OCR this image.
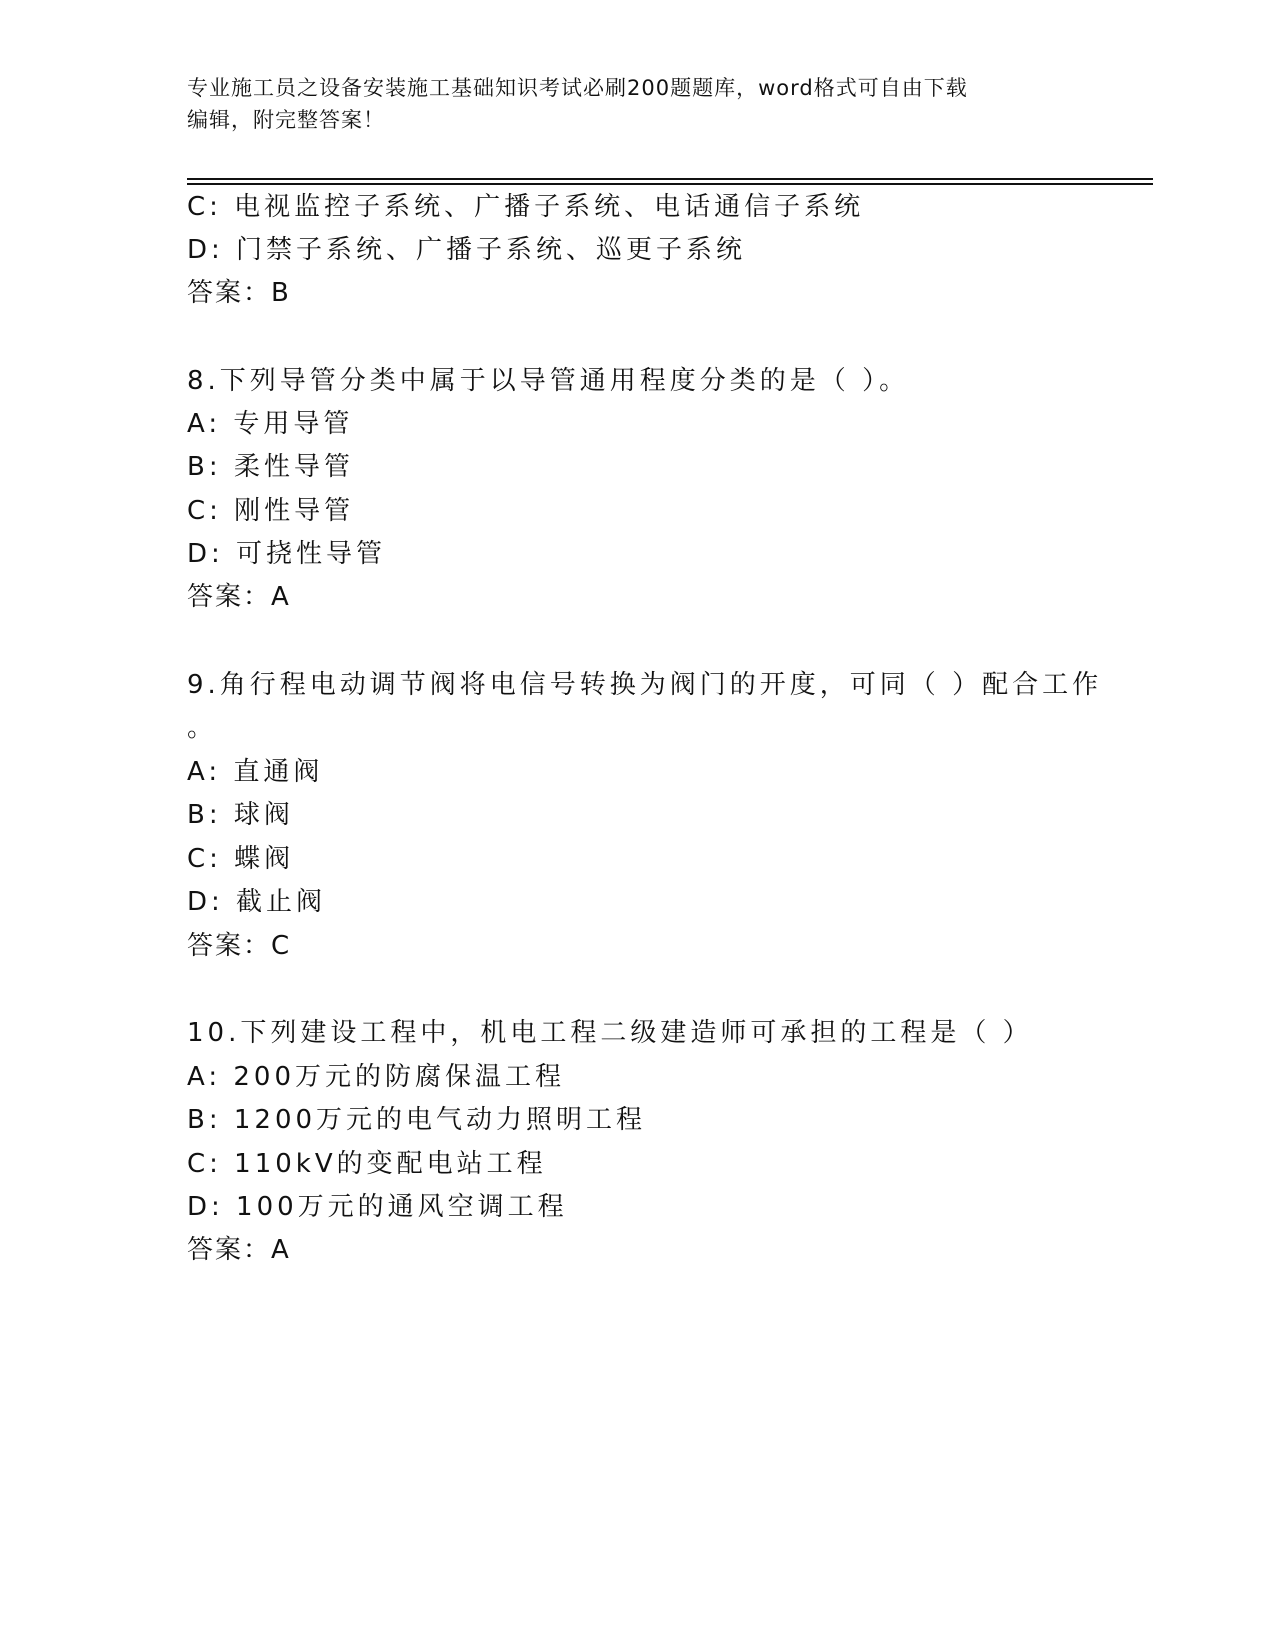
专业施工员之设备安装施工基础知识考试必刷200题题库，word格式可自由下载
编辑，附完整答案！
C: 电视监控子系统、广播子系统、电话通信子系统
D: 门禁子系统、广播子系统、巡更子系统
答案：B
8.下列导管分类中属于以导管通用程度分类的是（ ）。
A: 专用导管
B: 柔性导管
C: 刚性导管
D: 可挠性导管
答案：A
9.角行程电动调节阀将电信号转换为阀门的开度，可同（ ）配合工作
。
A: 直通阀
B: 球阀
C: 蝶阀
D: 截止阀
答案：C
10.下列建设工程中，机电工程二级建造师可承担的工程是（ ）
A: 200万元的防腐保温工程
B: 1200万元的电气动力照明工程
C: 110kV的变配电站工程
D: 100万元的通风空调工程
答案：A
